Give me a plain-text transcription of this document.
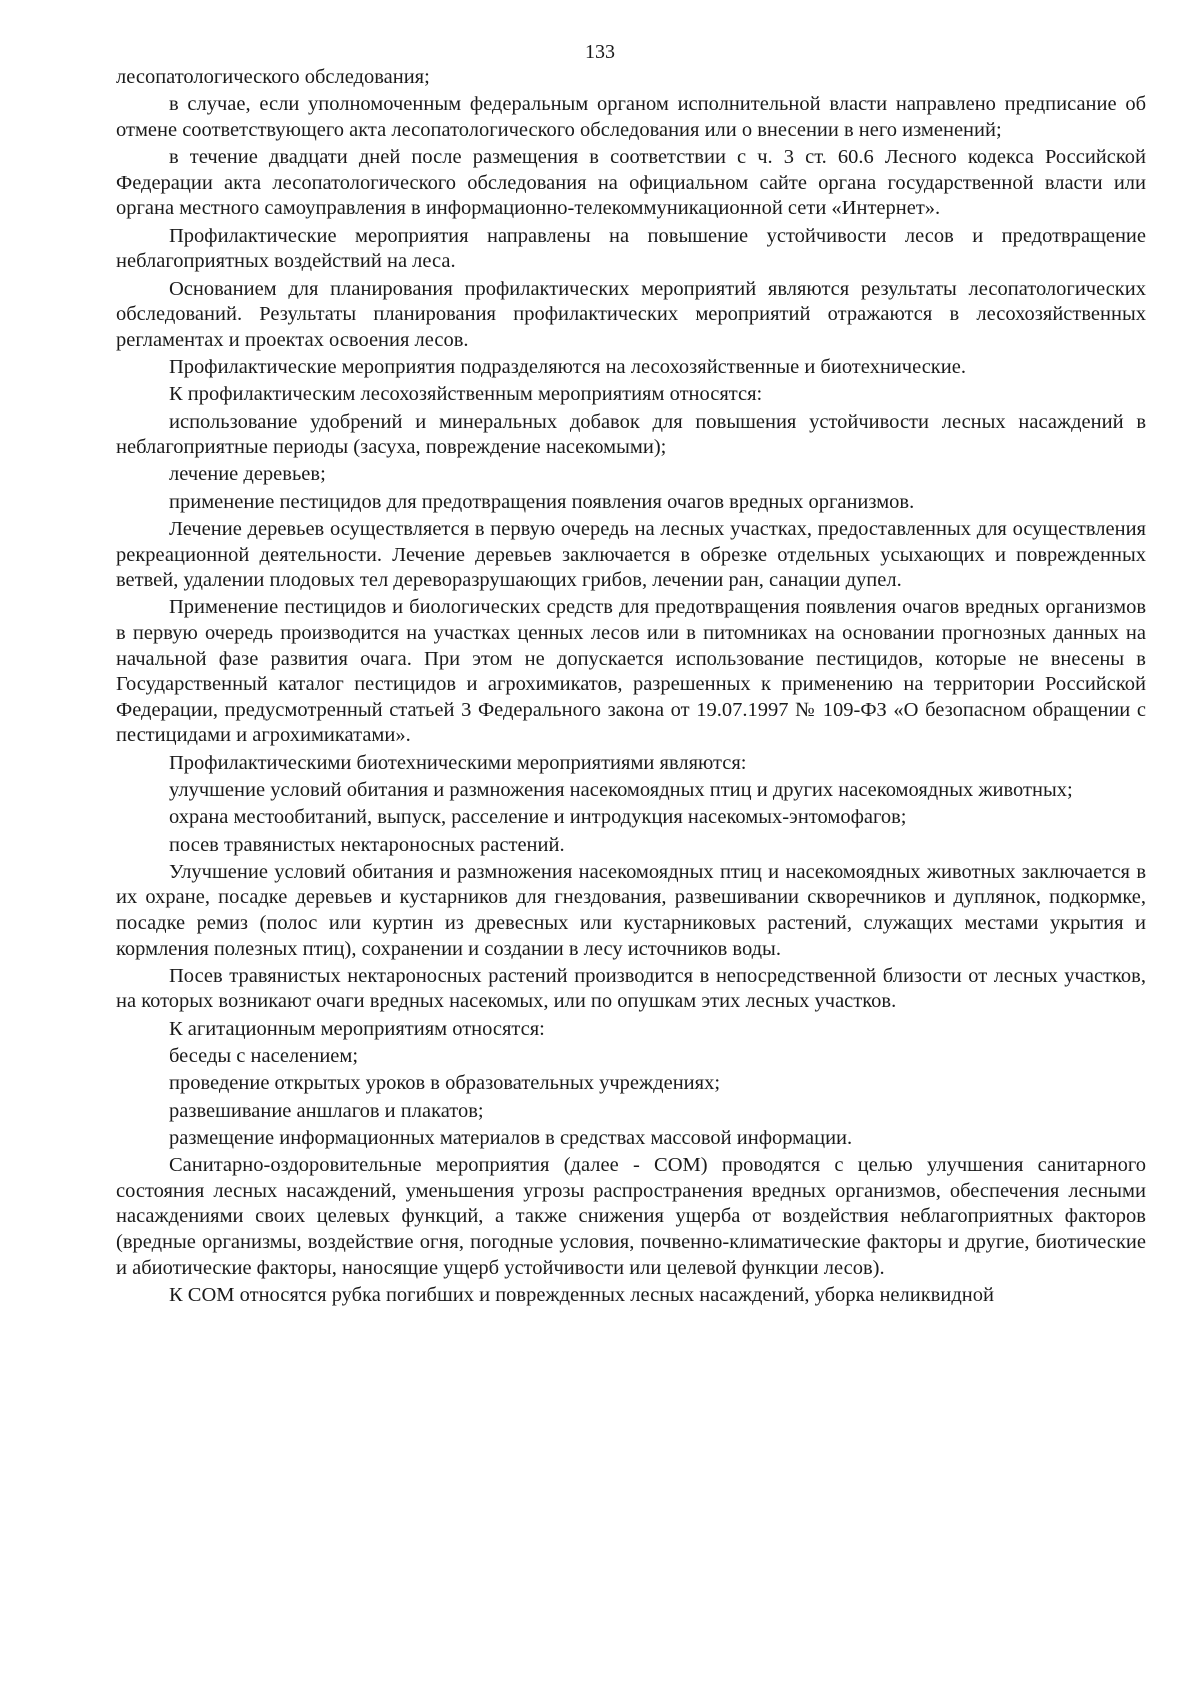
133

лесопатологического обследования;

в случае, если уполномоченным федеральным органом исполнительной власти направлено предписание об отмене соответствующего акта лесопатологического обследования или о внесении в него изменений;

в течение двадцати дней после размещения в соответствии с ч. 3 ст. 60.6 Лесного кодекса Российской Федерации акта лесопатологического обследования на официальном сайте органа государственной власти или органа местного самоуправления в информационно-телекоммуникационной сети «Интернет».

Профилактические мероприятия направлены на повышение устойчивости лесов и предотвращение неблагоприятных воздействий на леса.

Основанием для планирования профилактических мероприятий являются результаты лесопатологических обследований. Результаты планирования профилактических мероприятий отражаются в лесохозяйственных регламентах и проектах освоения лесов.

Профилактические мероприятия подразделяются на лесохозяйственные и биотехнические.

К профилактическим лесохозяйственным мероприятиям относятся:

использование удобрений и минеральных добавок для повышения устойчивости лесных насаждений в неблагоприятные периоды (засуха, повреждение насекомыми);

лечение деревьев;

применение пестицидов для предотвращения появления очагов вредных организмов.

Лечение деревьев осуществляется в первую очередь на лесных участках, предоставленных для осуществления рекреационной деятельности. Лечение деревьев заключается в обрезке отдельных усыхающих и поврежденных ветвей, удалении плодовых тел дереворазрушающих грибов, лечении ран, санации дупел.

Применение пестицидов и биологических средств для предотвращения появления очагов вредных организмов в первую очередь производится на участках ценных лесов или в питомниках на основании прогнозных данных на начальной фазе развития очага. При этом не допускается использование пестицидов, которые не внесены в Государственный каталог пестицидов и агрохимикатов, разрешенных к применению на территории Российской Федерации, предусмотренный статьей 3 Федерального закона от 19.07.1997 № 109-ФЗ «О безопасном обращении с пестицидами и агрохимикатами».

Профилактическими биотехническими мероприятиями являются:

улучшение условий обитания и размножения насекомоядных птиц и других насекомоядных животных;

охрана местообитаний, выпуск, расселение и интродукция насекомых-энтомофагов;

посев травянистых нектароносных растений.

Улучшение условий обитания и размножения насекомоядных птиц и насекомоядных животных заключается в их охране, посадке деревьев и кустарников для гнездования, развешивании скворечников и дуплянок, подкормке, посадке ремиз (полос или куртин из древесных или кустарниковых растений, служащих местами укрытия и кормления полезных птиц), сохранении и создании в лесу источников воды.

Посев травянистых нектароносных растений производится в непосредственной близости от лесных участков, на которых возникают очаги вредных насекомых, или по опушкам этих лесных участков.

К агитационным мероприятиям относятся:

беседы с населением;

проведение открытых уроков в образовательных учреждениях;

развешивание аншлагов и плакатов;

размещение информационных материалов в средствах массовой информации.

Санитарно-оздоровительные мероприятия (далее - СОМ) проводятся с целью улучшения санитарного состояния лесных насаждений, уменьшения угрозы распространения вредных организмов, обеспечения лесными насаждениями своих целевых функций, а также снижения ущерба от воздействия неблагоприятных факторов (вредные организмы, воздействие огня, погодные условия, почвенно-климатические факторы и другие, биотические и абиотические факторы, наносящие ущерб устойчивости или целевой функции лесов).

К СОМ относятся рубка погибших и поврежденных лесных насаждений, уборка неликвидной
